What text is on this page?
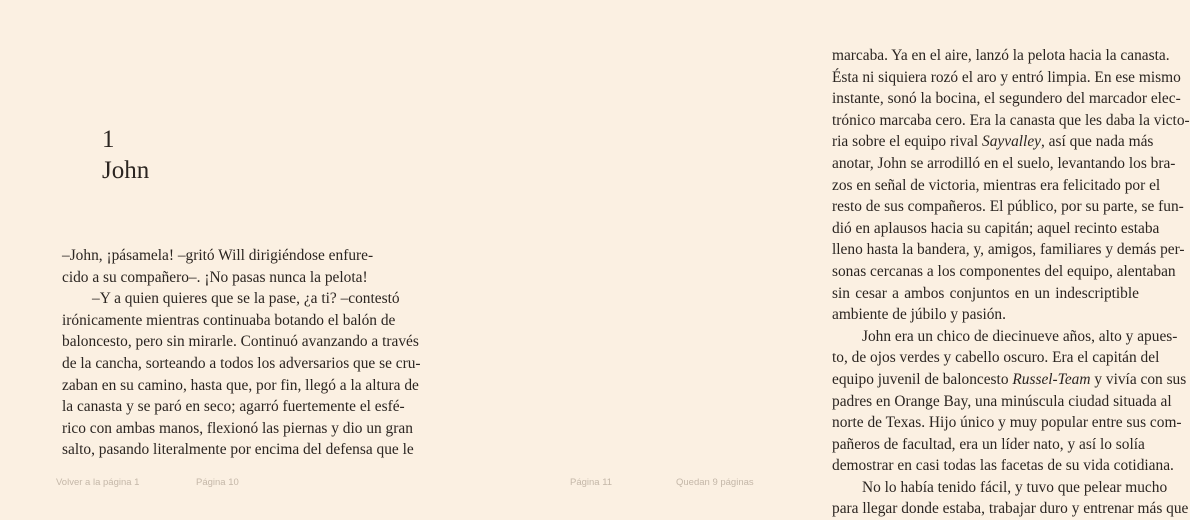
1
John
–John, ¡pásamela! –gritó Will dirigiéndose enfure-
cido a su compañero–. ¡No pasas nunca la pelota!
–Y a quien quieres que se la pase, ¿a ti? –contestó
irónicamente mientras continuaba botando el balón de
baloncesto, pero sin mirarle. Continuó avanzando a través
de la cancha, sorteando a todos los adversarios que se cru-
zaban en su camino, hasta que, por fin, llegó a la altura de
la canasta y se paró en seco; agarró fuertemente el esfé-
rico con ambas manos, flexionó las piernas y dio un gran
salto, pasando literalmente por encima del defensa que le
Volver a la página 1	Página 10
marcaba. Ya en el aire, lanzó la pelota hacia la canasta.
Ésta ni siquiera rozó el aro y entró limpia. En ese mismo
instante, sonó la bocina, el segundero del marcador elec-
trónico marcaba cero. Era la canasta que les daba la victo-
ria sobre el equipo rival Sayvalley, así que nada más
anotar, John se arrodilló en el suelo, levantando los bra-
zos en señal de victoria, mientras era felicitado por el
resto de sus compañeros. El público, por su parte, se fun-
dió en aplausos hacia su capitán; aquel recinto estaba
lleno hasta la bandera, y, amigos, familiares y demás per-
sonas cercanas a los componentes del equipo, alentaban
sin cesar a ambos conjuntos en un indescriptible
ambiente de júbilo y pasión.
John era un chico de diecinueve años, alto y apues-
to, de ojos verdes y cabello oscuro. Era el capitán del
equipo juvenil de baloncesto Russel-Team y vivía con sus
padres en Orange Bay, una minúscula ciudad situada al
norte de Texas. Hijo único y muy popular entre sus com-
pañeros de facultad, era un líder nato, y así lo solía
demostrar en casi todas las facetas de su vida cotidiana.
No lo había tenido fácil, y tuvo que pelear mucho
para llegar donde estaba, trabajar duro y entrenar más que
Página 11	Quedan 9 páginas
